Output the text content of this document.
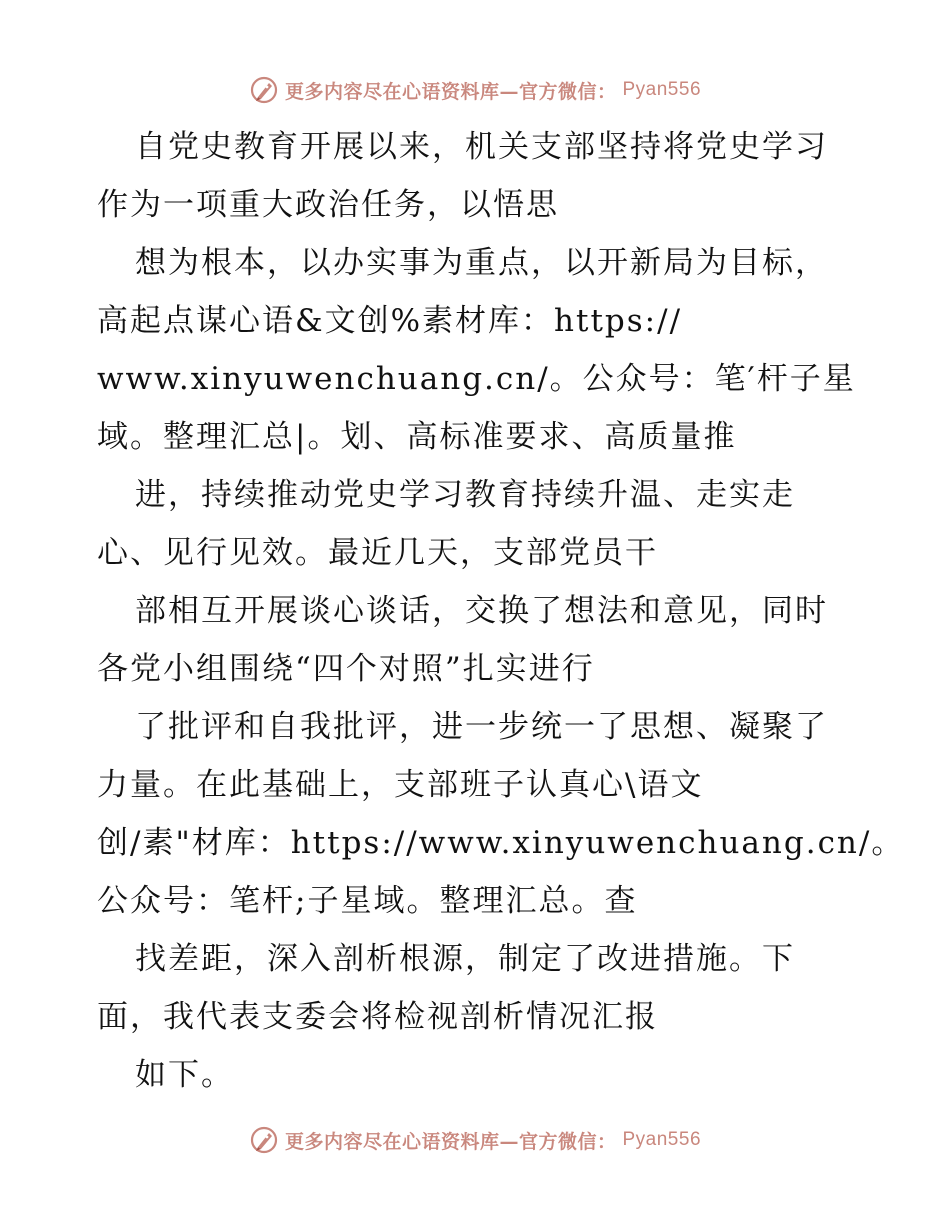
更多内容尽在心语资料库—官方微信： Pyan556
自党史教育开展以来，机关支部坚持将党史学习
作为一项重大政治任务，以悟思
想为根本，以办实事为重点，以开新局为目标，
高起点谋心语&文创%素材库：https://
www.xinyuwenchuang.cn/。公众号：笔′杆子星
域。整理汇总|。划、高标准要求、高质量推
进，持续推动党史学习教育持续升温、走实走
心、见行见效。最近几天，支部党员干
部相互开展谈心谈话，交换了想法和意见，同时
各党小组围绕“四个对照”扎实进行
了批评和自我批评，进一步统一了思想、凝聚了
力量。在此基础上，支部班子认真心\语文
创/素"材库：https://www.xinyuwenchuang.cn/。
公众号：笔杆;子星域。整理汇总。查
找差距，深入剖析根源，制定了改进措施。下
面，我代表支委会将检视剖析情况汇报
如下。
更多内容尽在心语资料库—官方微信： Pyan556
